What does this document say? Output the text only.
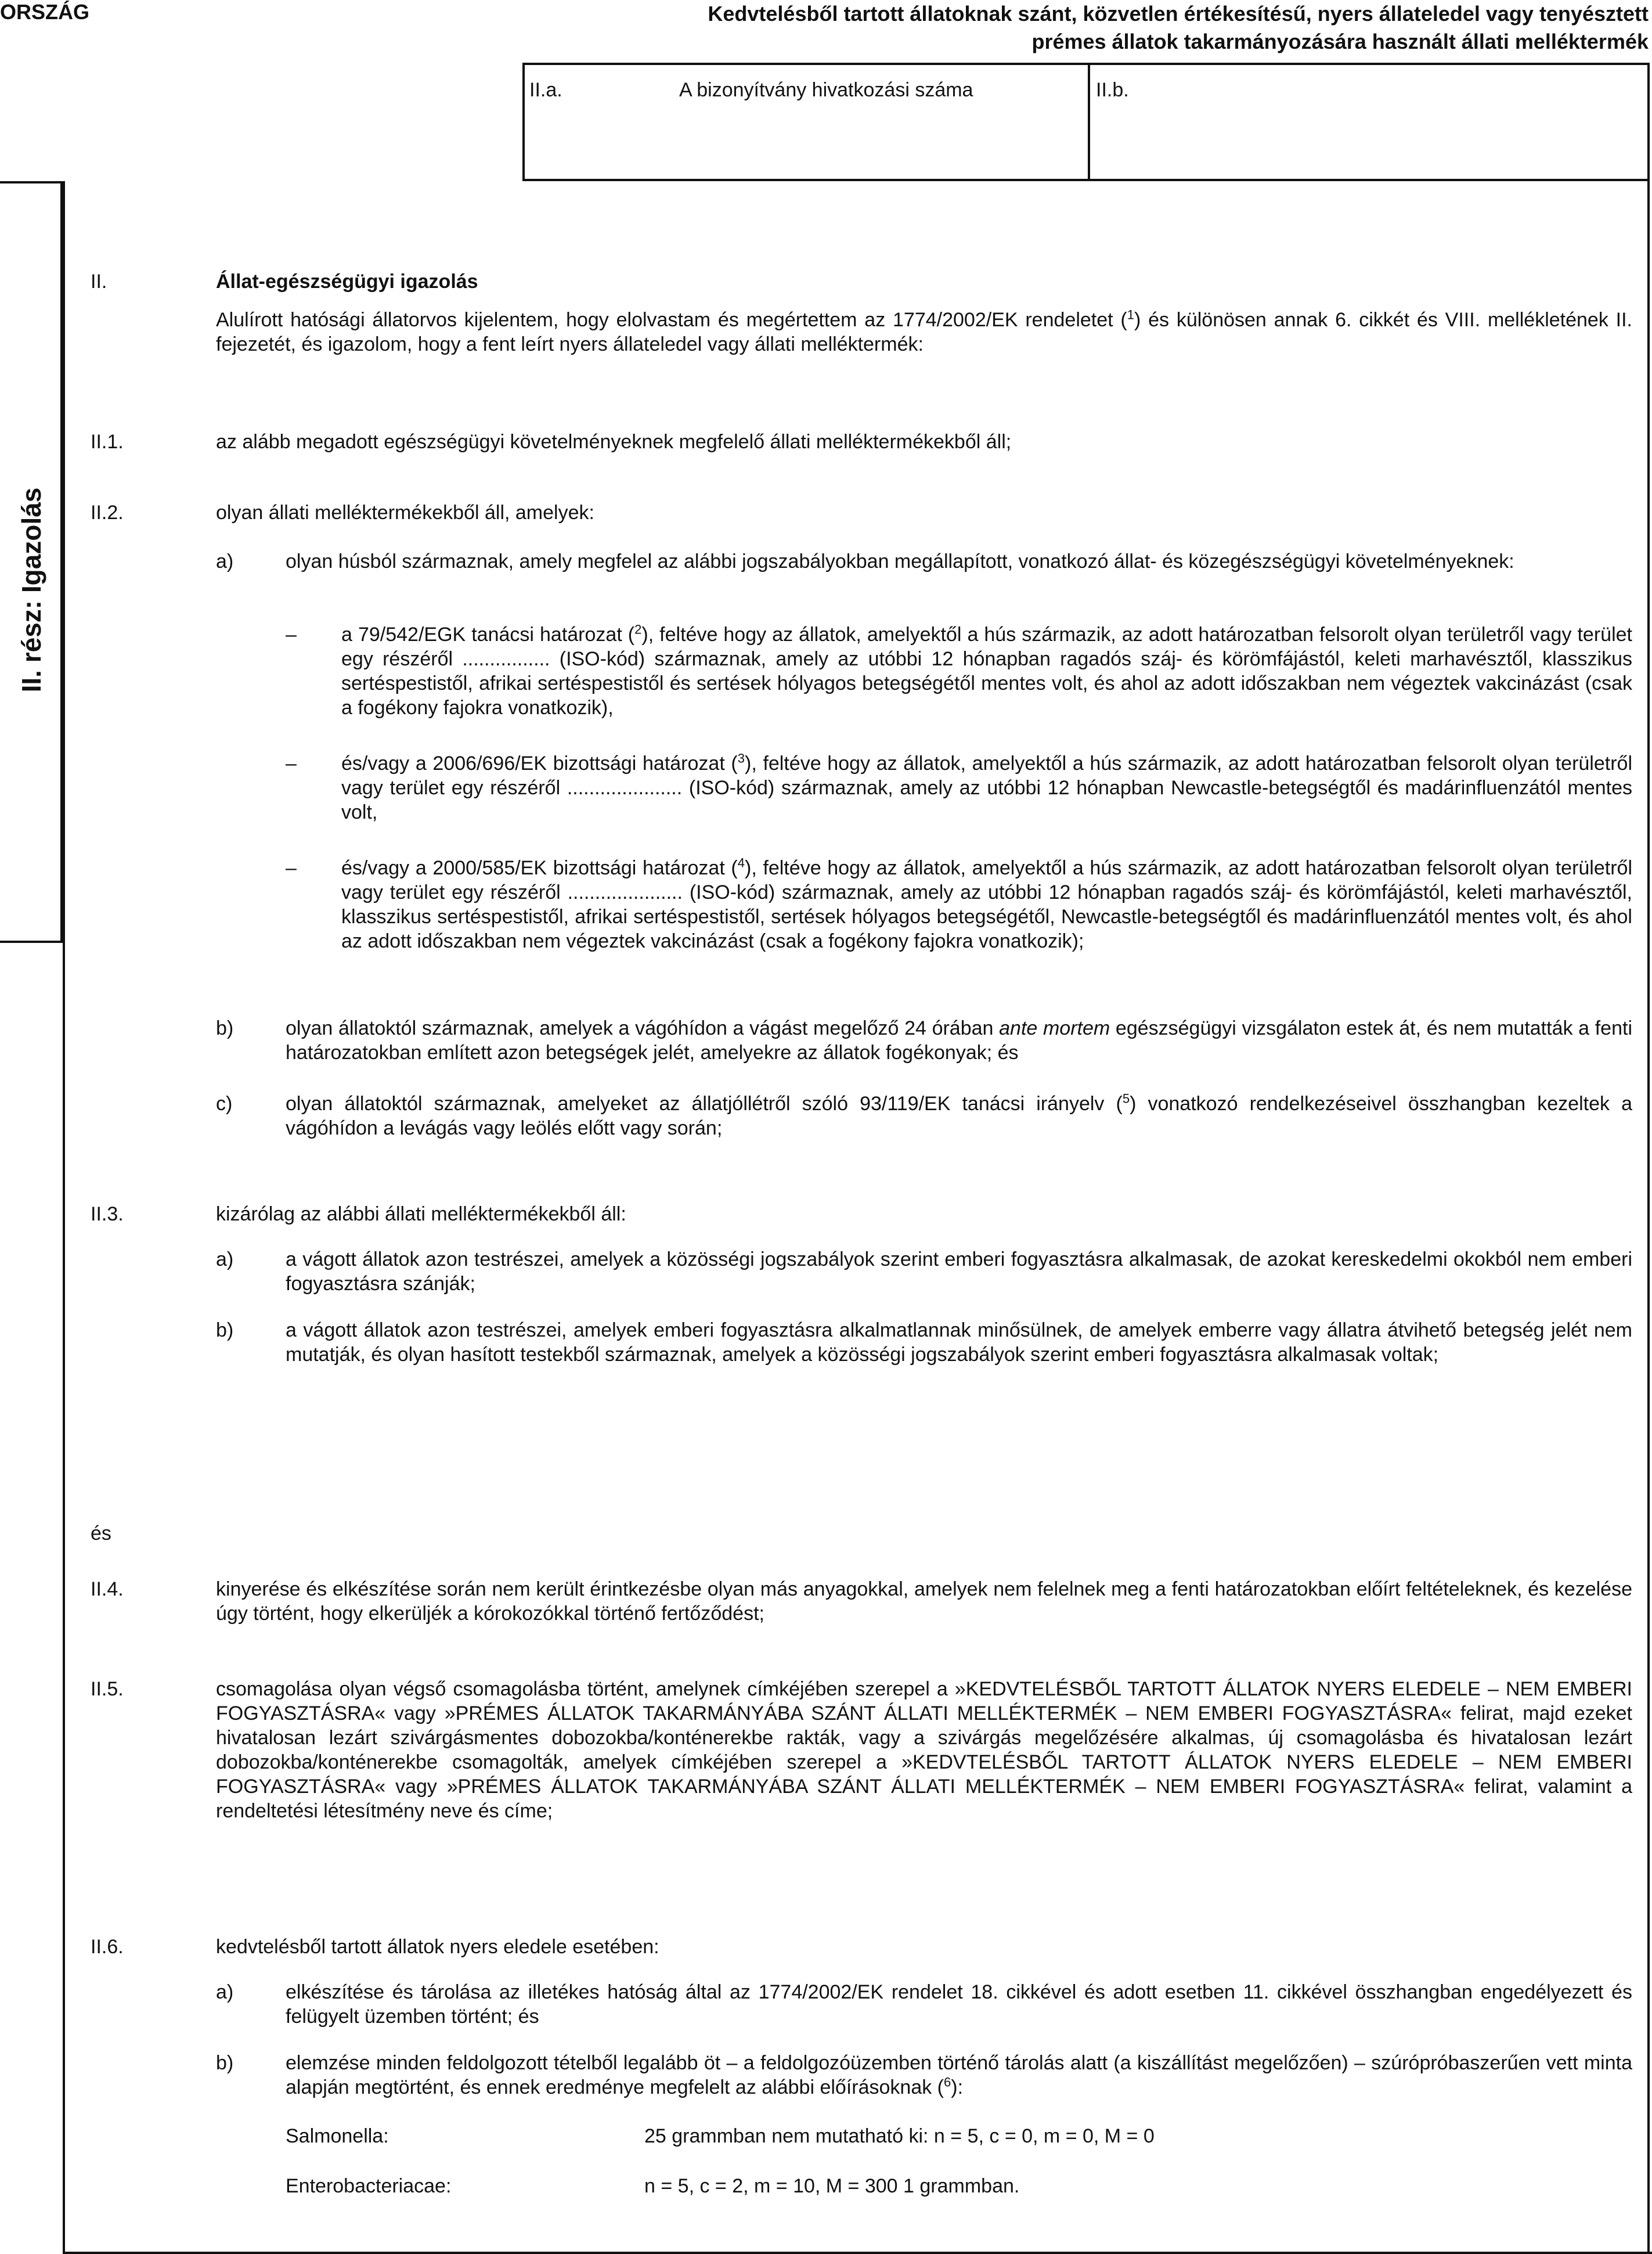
ORSZÁG	Kedvtelésből tartott állatoknak szánt, közvetlen értékesítésű, nyers állateledel vagy tenyésztett
prémes állatok takarmányozására használt állati melléktermék
II.a.	A bizonyítvány hivatkozási száma	II.b.
II. rész: Igazolás
II.	Állat-egészségügyi igazolás
Alulírott hatósági állatorvos kijelentem, hogy elolvastam és megértettem az 1774/2002/EK rendeletet ($^1$) és különösen annak 6. cikkét és VIII. mellékletének II. fejezetét, és igazolom, hogy a fent leírt nyers állateledel vagy állati melléktermék:
II.1.	az alább megadott egészségügyi követelményeknek megfelelő állati melléktermékekből áll;
II.2.	olyan állati melléktermékekből áll, amelyek:
a)	olyan húsból származnak, amely megfelel az alábbi jogszabályokban megállapított, vonatkozó állat- és közegészségügyi követelményeknek:
– a 79/542/EGK tanácsi határozat ($^2$), feltéve hogy az állatok, amelyektől a hús származik, az adott határozatban felsorolt olyan területről vagy terület egy részéről ................ (ISO-kód) származnak, amely az utóbbi 12 hónapban ragadós száj- és körömfájástól, keleti marhavésztől, klasszikus sertéspestistől, afrikai sertéspestistől és sertések hólyagos betegségétől mentes volt, és ahol az adott időszakban nem végeztek vakcinázást (csak a fogékony fajokra vonatkozik),
– és/vagy a 2006/696/EK bizottsági határozat ($^3$), feltéve hogy az állatok, amelyektől a hús származik, az adott határozatban felsorolt olyan területről vagy terület egy részéről ..................... (ISO-kód) származnak, amely az utóbbi 12 hónapban Newcastle-betegségtől és madárinfluenzától mentes volt,
– és/vagy a 2000/585/EK bizottsági határozat ($^4$), feltéve hogy az állatok, amelyektől a hús származik, az adott határozatban felsorolt olyan területről vagy terület egy részéről ..................... (ISO-kód) származnak, amely az utóbbi 12 hónapban ragadós száj- és körömfájástól, keleti marhavésztől, klasszikus sertéspestistől, afrikai sertéspestistől, sertések hólyagos betegségétől, Newcastle-betegségtől és madárinfluenzától mentes volt, és ahol az adott időszakban nem végeztek vakcinázást (csak a fogékony fajokra vonatkozik);
b)	olyan állatoktól származnak, amelyek a vágóhídon a vágást megelőző 24 órában ante mortem egészségügyi vizsgálaton estek át, és nem mutatták a fenti határozatokban említett azon betegségek jelét, amelyekre az állatok fogékonyak; és
c)	olyan állatoktól származnak, amelyeket az állatjóllétről szóló 93/119/EK tanácsi irányelv ($^5$) vonatkozó rendelkezéseivel összhangban kezeltek a vágóhídon a levágás vagy leölés előtt vagy során;
II.3.	kizárólag az alábbi állati melléktermékekből áll:
a)	a vágott állatok azon testrészei, amelyek a közösségi jogszabályok szerint emberi fogyasztásra alkalmasak, de azokat kereskedelmi okokból nem emberi fogyasztásra szánják;
b)	a vágott állatok azon testrészei, amelyek emberi fogyasztásra alkalmatlannak minősülnek, de amelyek emberre vagy állatra átvihető betegség jelét nem mutatják, és olyan hasított testekből származnak, amelyek a közösségi jogszabályok szerint emberi fogyasztásra alkalmasak voltak;
és
II.4.	kinyerése és elkészítése során nem került érintkezésbe olyan más anyagokkal, amelyek nem felelnek meg a fenti határozatokban előírt feltételeknek, és kezelése úgy történt, hogy elkerüljék a kórokozókkal történő fertőződést;
II.5.	csomagolása olyan végső csomagolásba történt, amelynek címkéjében szerepel a »KEDVTELÉSBŐL TARTOTT ÁLLATOK NYERS ELEDELE – NEM EMBERI FOGYASZTÁSRA« vagy »PRÉMES ÁLLATOK TAKARMÁNYÁBA SZÁNT ÁLLATI MELLÉKTERMÉK – NEM EMBERI FOGYASZTÁSRA« felirat, majd ezeket hivatalosan lezárt szivárgásmentes dobozokba/konténerekbe rakták, vagy a szivárgás megelőzésére alkalmas, új csomagolásba és hivatalosan lezárt dobozokba/konténerekbe csomagolták, amelyek címkéjében szerepel a »KEDVTELÉSBŐL TARTOTT ÁLLATOK NYERS ELEDELE – NEM EMBERI FOGYASZTÁSRA« vagy »PRÉMES ÁLLATOK TAKARMÁNYÁBA SZÁNT ÁLLATI MELLÉKTERMÉK – NEM EMBERI FOGYASZTÁSRA« felirat, valamint a rendeltetési létesítmény neve és címe;
II.6.	kedvtelésből tartott állatok nyers eledele esetében:
a)	elkészítése és tárolása az illetékes hatóság által az 1774/2002/EK rendelet 18. cikkével és adott esetben 11. cikkével összhangban engedélyezett és felügyelt üzemben történt; és
b)	elemzése minden feldolgozott tételből legalább öt – a feldolgozóüzemben történő tárolás alatt (a kiszállítást megelőzően) – szúrópróbaszerűen vett minta alapján megtörtént, és ennek eredménye megfelelt az alábbi előírásoknak ($^6$):
Salmonella:	25 grammban nem mutatható ki: n = 5, c = 0, m = 0, M = 0
Enterobacteriacae:	n = 5, c = 2, m = 10, M = 300 1 grammban.
